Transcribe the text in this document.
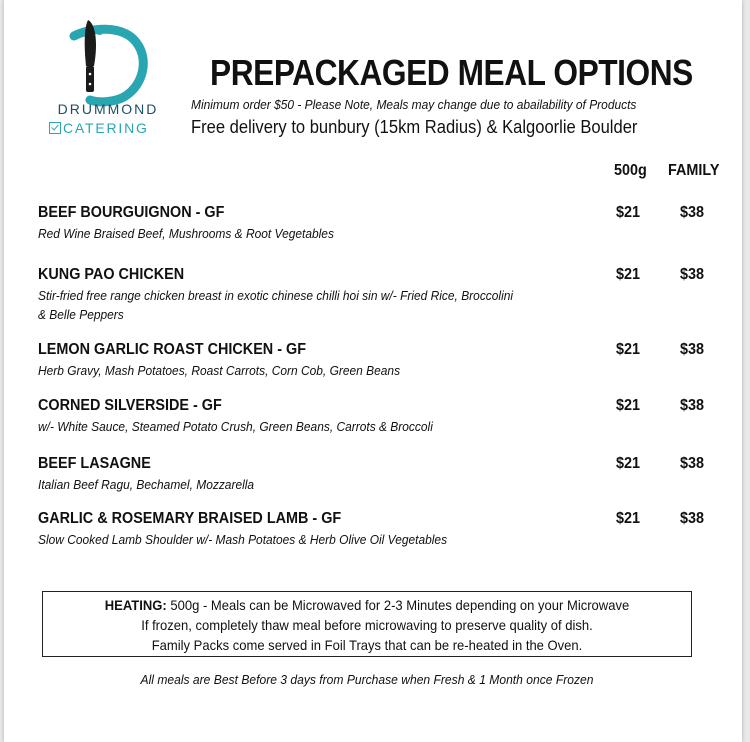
DRUMMOND
CATERING
PREPACKAGED MEAL OPTIONS
Minimum order $50 - Please Note, Meals may change due to abailability of Products
Free delivery to bunbury (15km Radius) & Kalgoorlie Boulder
500g FAMILY
BEEF BOURGUIGNON - GF
Red Wine Braised Beef, Mushrooms & Root Vegetables
$21 $38
KUNG PAO CHICKEN
Stir-fried free range chicken breast in exotic chinese chilli hoi sin w/- Fried Rice, Broccolini
& Belle Peppers
$21 $38
LEMON GARLIC ROAST CHICKEN - GF
Herb Gravy, Mash Potatoes, Roast Carrots, Corn Cob, Green Beans
$21 $38
CORNED SILVERSIDE - GF
w/- White Sauce, Steamed Potato Crush, Green Beans, Carrots & Broccoli
$21 $38
BEEF LASAGNE
Italian Beef Ragu, Bechamel, Mozzarella
$21 $38
GARLIC & ROSEMARY BRAISED LAMB - GF
Slow Cooked Lamb Shoulder w/- Mash Potatoes & Herb Olive Oil Vegetables
$21 $38
HEATING: 500g - Meals can be Microwaved for 2-3 Minutes depending on your Microwave
If frozen, completely thaw meal before microwaving to preserve quality of dish.
Family Packs come served in Foil Trays that can be re-heated in the Oven.
All meals are Best Before 3 days from Purchase when Fresh & 1 Month once Frozen
